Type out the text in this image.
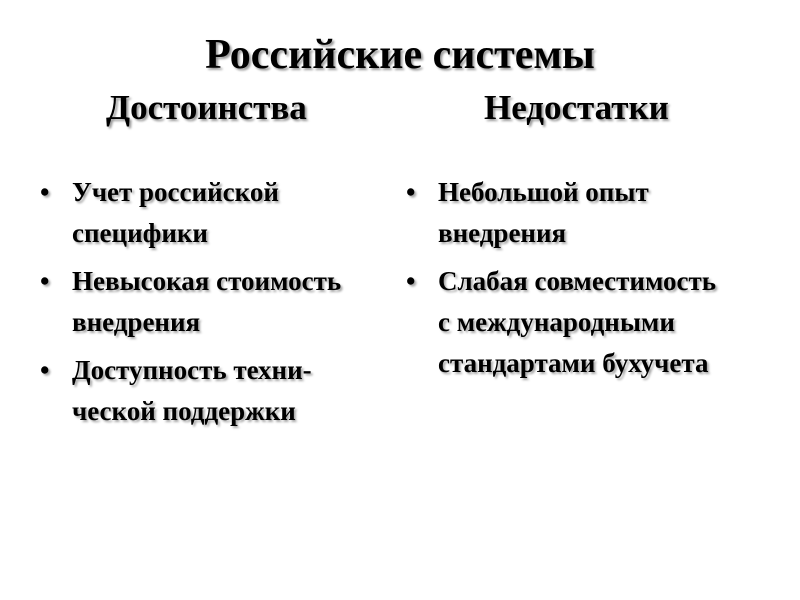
Российские системы
Достоинства	Недостатки
• Учет российской
специфики
• Невысокая стоимость
внедрения
• Доступность техни-
ческой поддержки
• Небольшой опыт
внедрения
• Слабая совместимость
с международными
стандартами бухучета
